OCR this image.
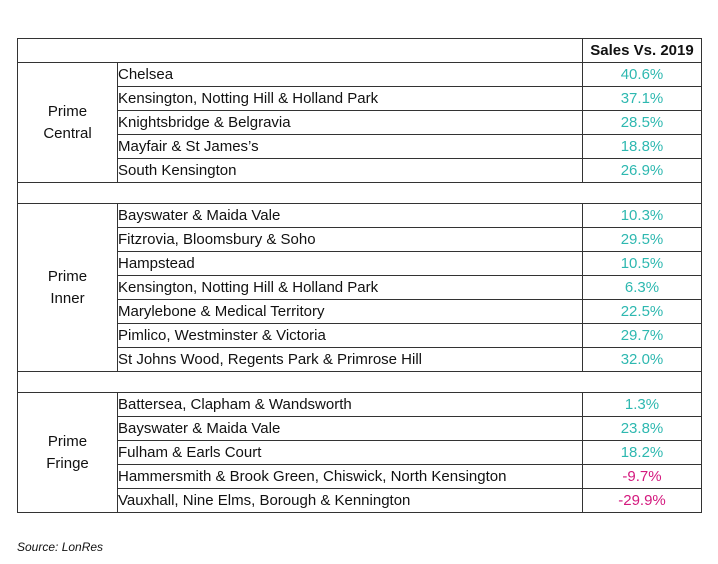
		Sales Vs. 2019
Prime
Central	Chelsea	40.6%
	Kensington, Notting Hill & Holland Park	37.1%
	Knightsbridge & Belgravia	28.5%
	Mayfair & St James’s	18.8%
	South Kensington	26.9%

Prime
Inner	Bayswater & Maida Vale	10.3%
	Fitzrovia, Bloomsbury & Soho	29.5%
	Hampstead	10.5%
	Kensington, Notting Hill & Holland Park	6.3%
	Marylebone & Medical Territory	22.5%
	Pimlico, Westminster & Victoria	29.7%
	St Johns Wood, Regents Park & Primrose Hill	32.0%

Prime
Fringe	Battersea, Clapham & Wandsworth	1.3%
	Bayswater & Maida Vale	23.8%
	Fulham & Earls Court	18.2%
	Hammersmith & Brook Green, Chiswick, North Kensington	-9.7%
	Vauxhall, Nine Elms, Borough & Kennington	-29.9%
Source: LonRes
